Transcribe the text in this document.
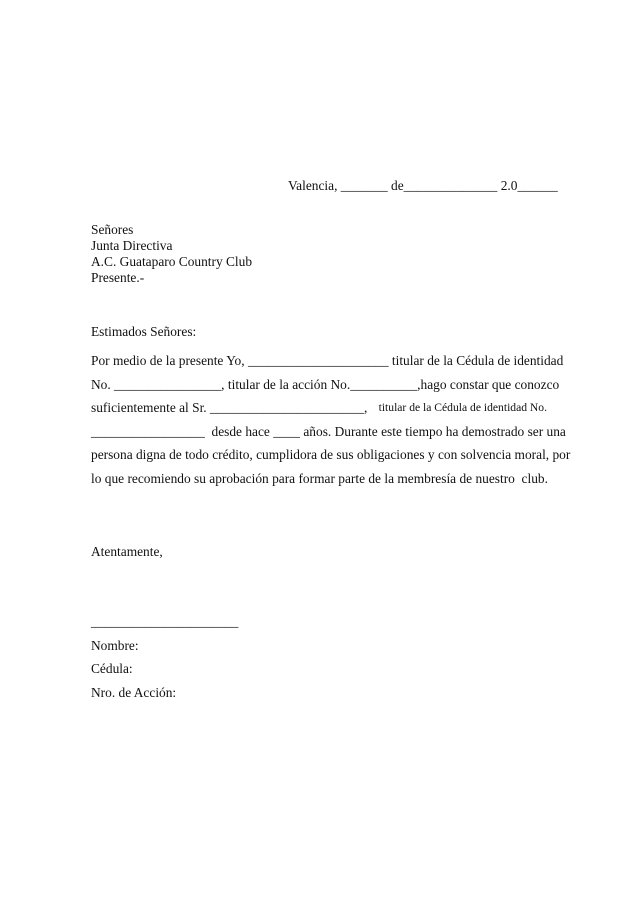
Valencia, _______ de______________ 2.0______
Señores
Junta Directiva
A.C. Guataparo Country Club
Presente.-
Estimados Señores:
Por medio de la presente Yo, _____________________ titular de la Cédula de identidad
No. ________________, titular de la acción No.__________, hago constar que conozco
suficientemente al Sr. _______________________, titular de la Cédula de identidad No.
_________________  desde hace ____ años. Durante este tiempo ha demostrado ser una
persona digna de todo crédito, cumplidora de sus obligaciones y con solvencia moral, por
lo que recomiendo su aprobación para formar parte de la membresía de nuestro  club.
Atentamente,
______________________
Nombre:
Cédula:
Nro. de Acción:
